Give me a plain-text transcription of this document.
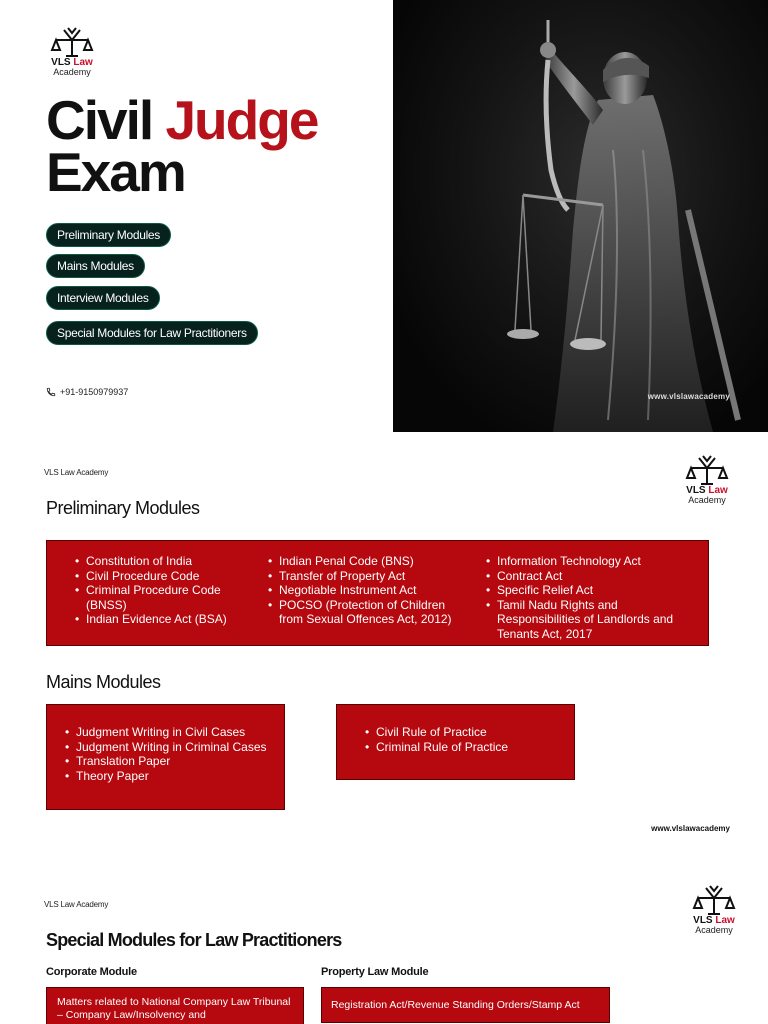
VLS Law
Academy
Civil Judge
Exam
Preliminary Modules
Mains Modules
Interview Modules
Special Modules for Law Practitioners
+91-9150979937	www.vlslawacademy
VLS Law Academy
VLS Law
Academy
Preliminary Modules
• Constitution of India
• Civil Procedure Code
• Criminal Procedure Code (BNSS)
• Indian Evidence Act (BSA)
• Indian Penal Code (BNS)
• Transfer of Property Act
• Negotiable Instrument Act
• POCSO (Protection of Children from Sexual Offences Act, 2012)
• Information Technology Act
• Contract Act
• Specific Relief Act
• Tamil Nadu Rights and Responsibilities of Landlords and Tenants Act, 2017
Mains Modules
• Judgment Writing in Civil Cases
• Judgment Writing in Criminal Cases
• Translation Paper
• Theory Paper
• Civil Rule of Practice
• Criminal Rule of Practice
www.vlslawacademy
VLS Law Academy
VLS Law
Academy
Special Modules for Law Practitioners
Corporate Module	Property Law Module
Matters related to National Company Law Tribunal – Company Law/Insolvency and
Registration Act/Revenue Standing Orders/Stamp Act
